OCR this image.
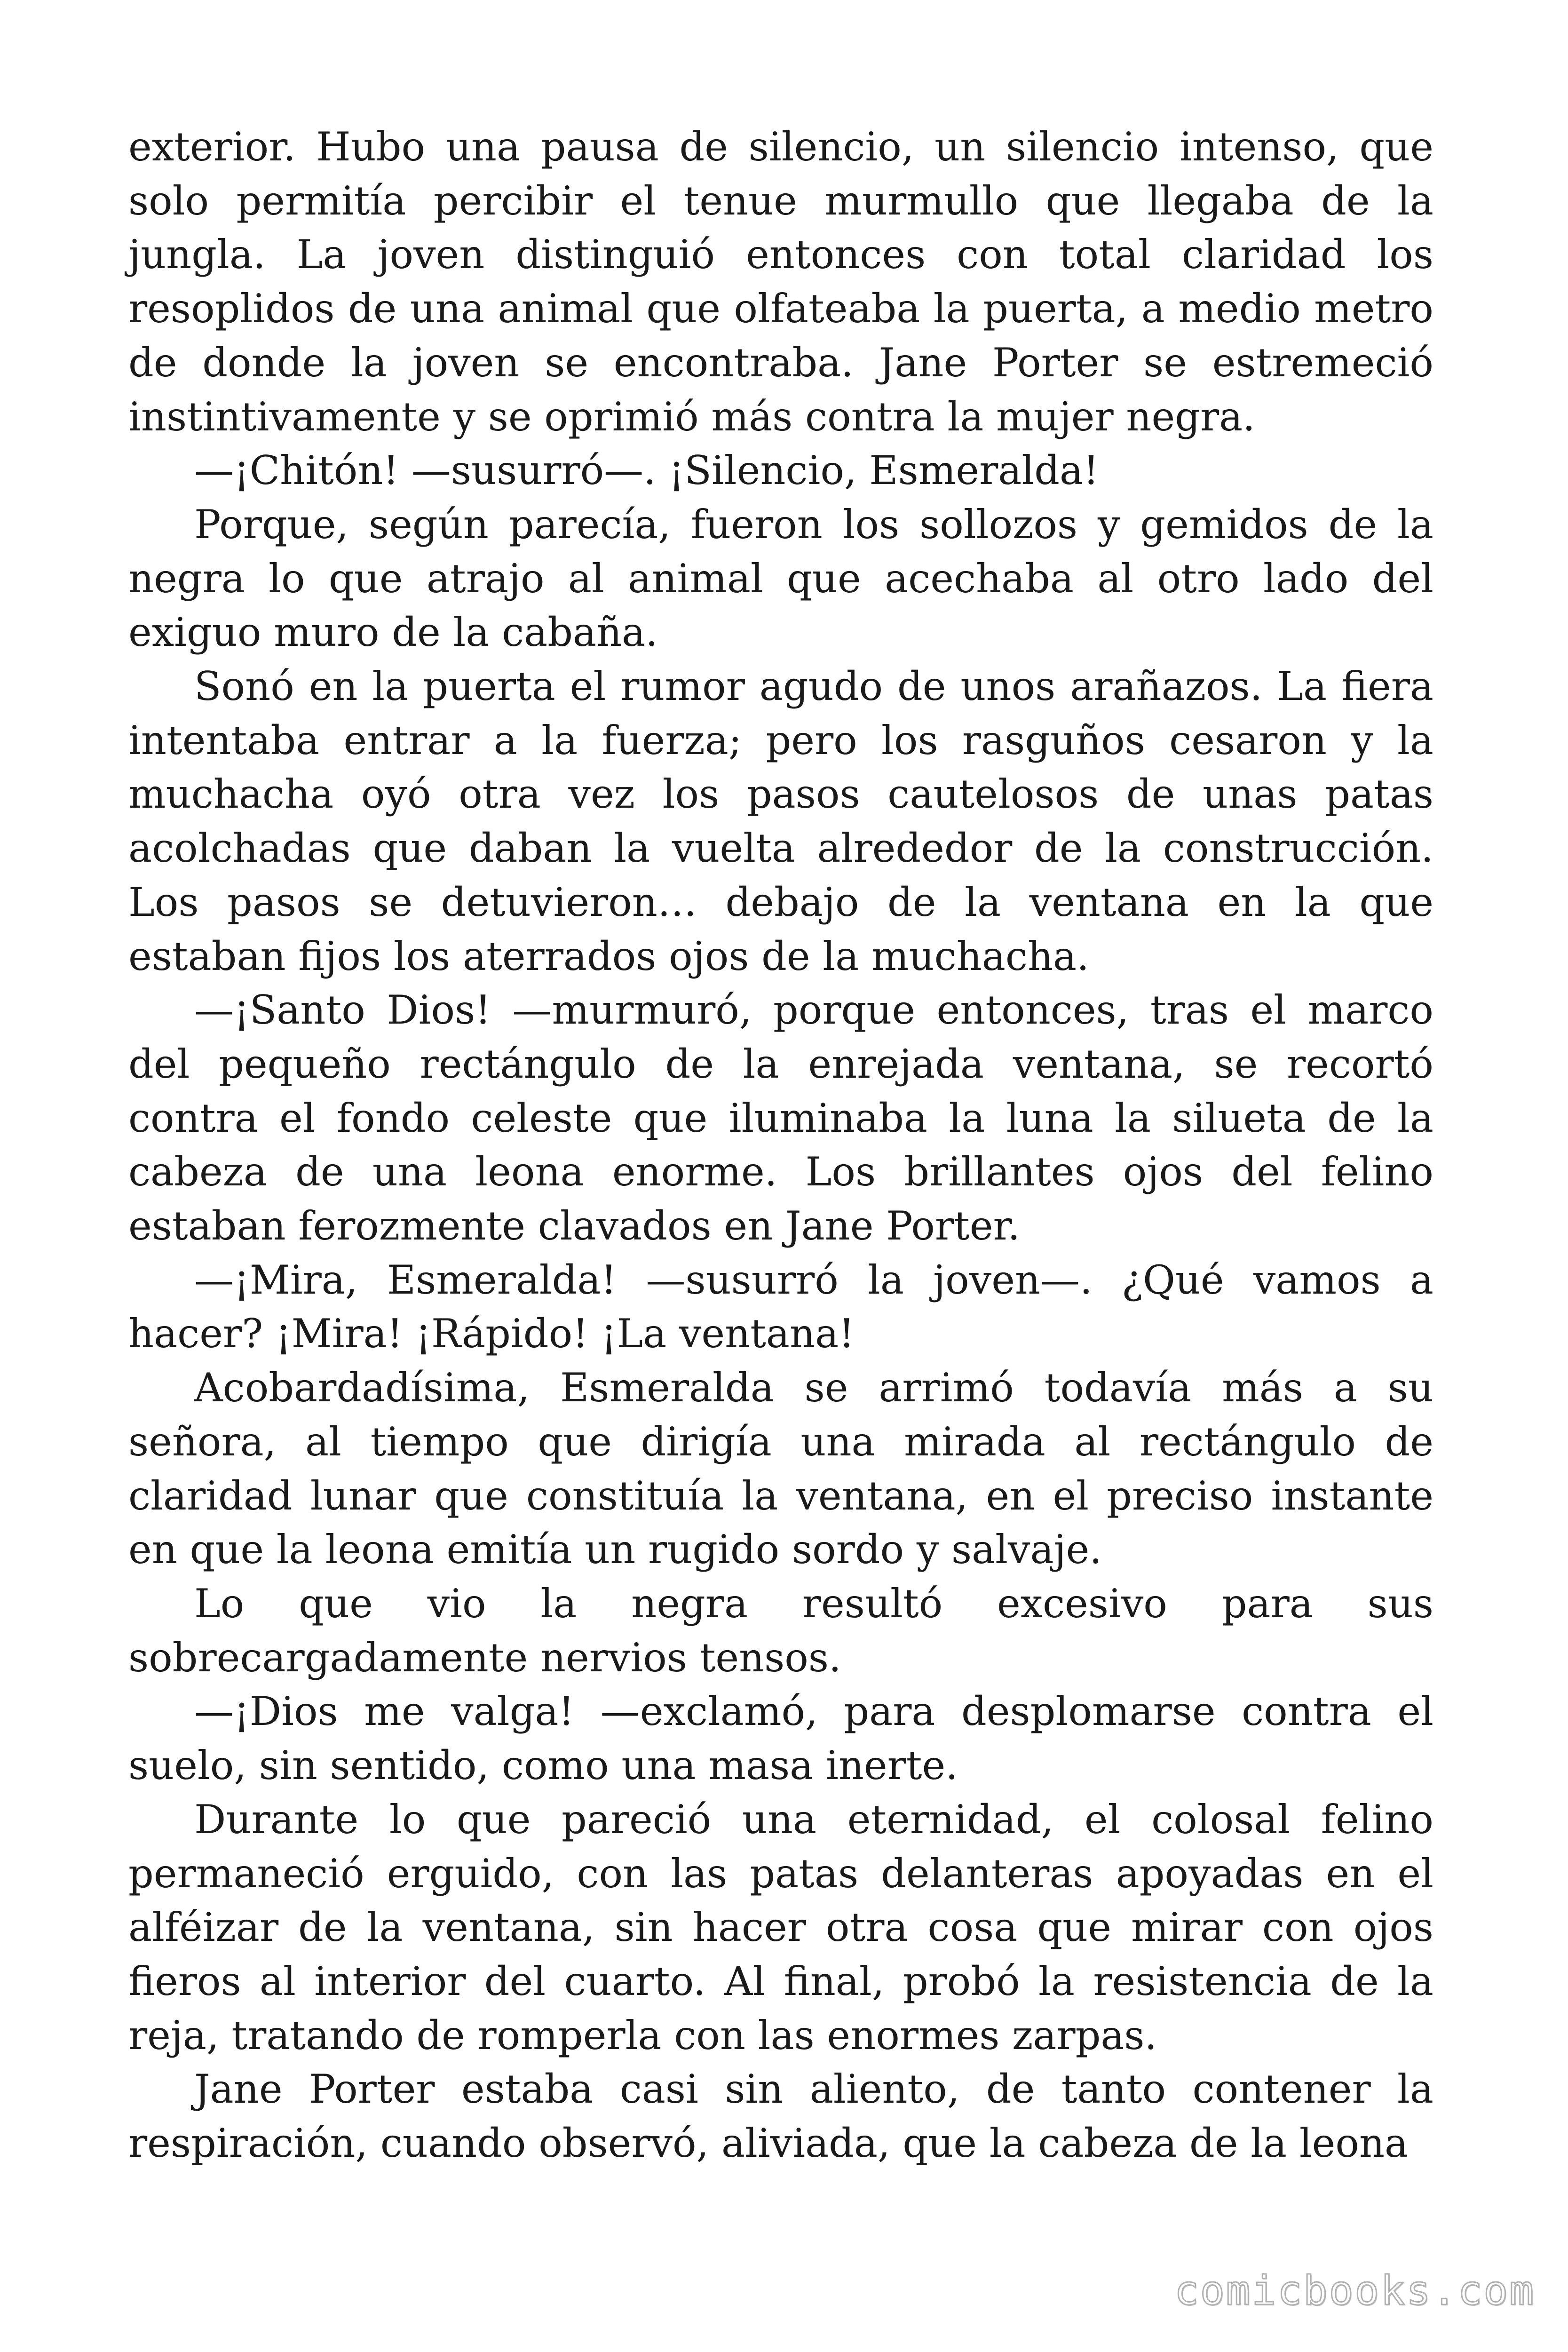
exterior. Hubo una pausa de silencio, un silencio intenso, que solo permitía percibir el tenue murmullo que llegaba de la jungla. La joven distinguió entonces con total claridad los resoplidos de una animal que olfateaba la puerta, a medio metro de donde la joven se encontraba. Jane Porter se estremeció instintivamente y se oprimió más contra la mujer negra.

—¡Chitón! —susurró—. ¡Silencio, Esmeralda!

Porque, según parecía, fueron los sollozos y gemidos de la negra lo que atrajo al animal que acechaba al otro lado del exiguo muro de la cabaña.

Sonó en la puerta el rumor agudo de unos arañazos. La fiera intentaba entrar a la fuerza; pero los rasguños cesaron y la muchacha oyó otra vez los pasos cautelosos de unas patas acolchadas que daban la vuelta alrededor de la construcción. Los pasos se detuvieron… debajo de la ventana en la que estaban fijos los aterrados ojos de la muchacha.

—¡Santo Dios! —murmuró, porque entonces, tras el marco del pequeño rectángulo de la enrejada ventana, se recortó contra el fondo celeste que iluminaba la luna la silueta de la cabeza de una leona enorme. Los brillantes ojos del felino estaban ferozmente clavados en Jane Porter.

—¡Mira, Esmeralda! —susurró la joven—. ¿Qué vamos a hacer? ¡Mira! ¡Rápido! ¡La ventana!

Acobardadísima, Esmeralda se arrimó todavía más a su señora, al tiempo que dirigía una mirada al rectángulo de claridad lunar que constituía la ventana, en el preciso instante en que la leona emitía un rugido sordo y salvaje.

Lo que vio la negra resultó excesivo para sus sobrecargadamente nervios tensos.

—¡Dios me valga! —exclamó, para desplomarse contra el suelo, sin sentido, como una masa inerte.

Durante lo que pareció una eternidad, el colosal felino permaneció erguido, con las patas delanteras apoyadas en el alféizar de la ventana, sin hacer otra cosa que mirar con ojos fieros al interior del cuarto. Al final, probó la resistencia de la reja, tratando de romperla con las enormes zarpas.

Jane Porter estaba casi sin aliento, de tanto contener la respiración, cuando observó, aliviada, que la cabeza de la leona

comicbooks.com
